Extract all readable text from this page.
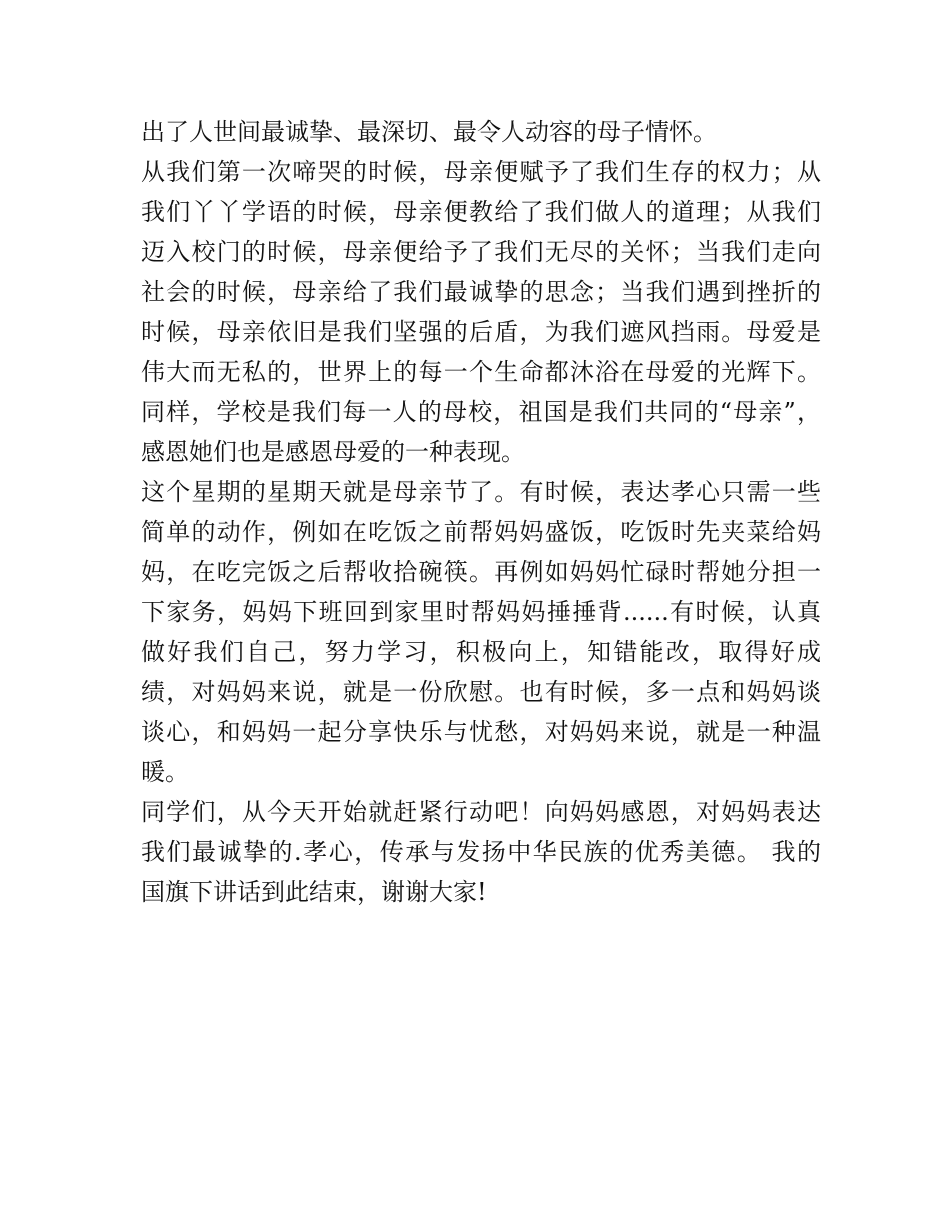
出了人世间最诚挚、最深切、最令人动容的母子情怀。
从我们第一次啼哭的时候，母亲便赋予了我们生存的权力；从
我们丫丫学语的时候，母亲便教给了我们做人的道理；从我们
迈入校门的时候，母亲便给予了我们无尽的关怀；当我们走向
社会的时候，母亲给了我们最诚挚的思念；当我们遇到挫折的
时候，母亲依旧是我们坚强的后盾，为我们遮风挡雨。母爱是
伟大而无私的，世界上的每一个生命都沐浴在母爱的光辉下。
同样，学校是我们每一人的母校，祖国是我们共同的“母亲”，
感恩她们也是感恩母爱的一种表现。
这个星期的星期天就是母亲节了。有时候，表达孝心只需一些
简单的动作，例如在吃饭之前帮妈妈盛饭，吃饭时先夹菜给妈
妈，在吃完饭之后帮收拾碗筷。再例如妈妈忙碌时帮她分担一
下家务，妈妈下班回到家里时帮妈妈捶捶背......有时候，认真
做好我们自己，努力学习，积极向上，知错能改，取得好成
绩，对妈妈来说，就是一份欣慰。也有时候，多一点和妈妈谈
谈心，和妈妈一起分享快乐与忧愁，对妈妈来说，就是一种温
暖。
同学们，从今天开始就赶紧行动吧！向妈妈感恩，对妈妈表达
我们最诚挚的.孝心，传承与发扬中华民族的优秀美德。 我的
国旗下讲话到此结束，谢谢大家!
